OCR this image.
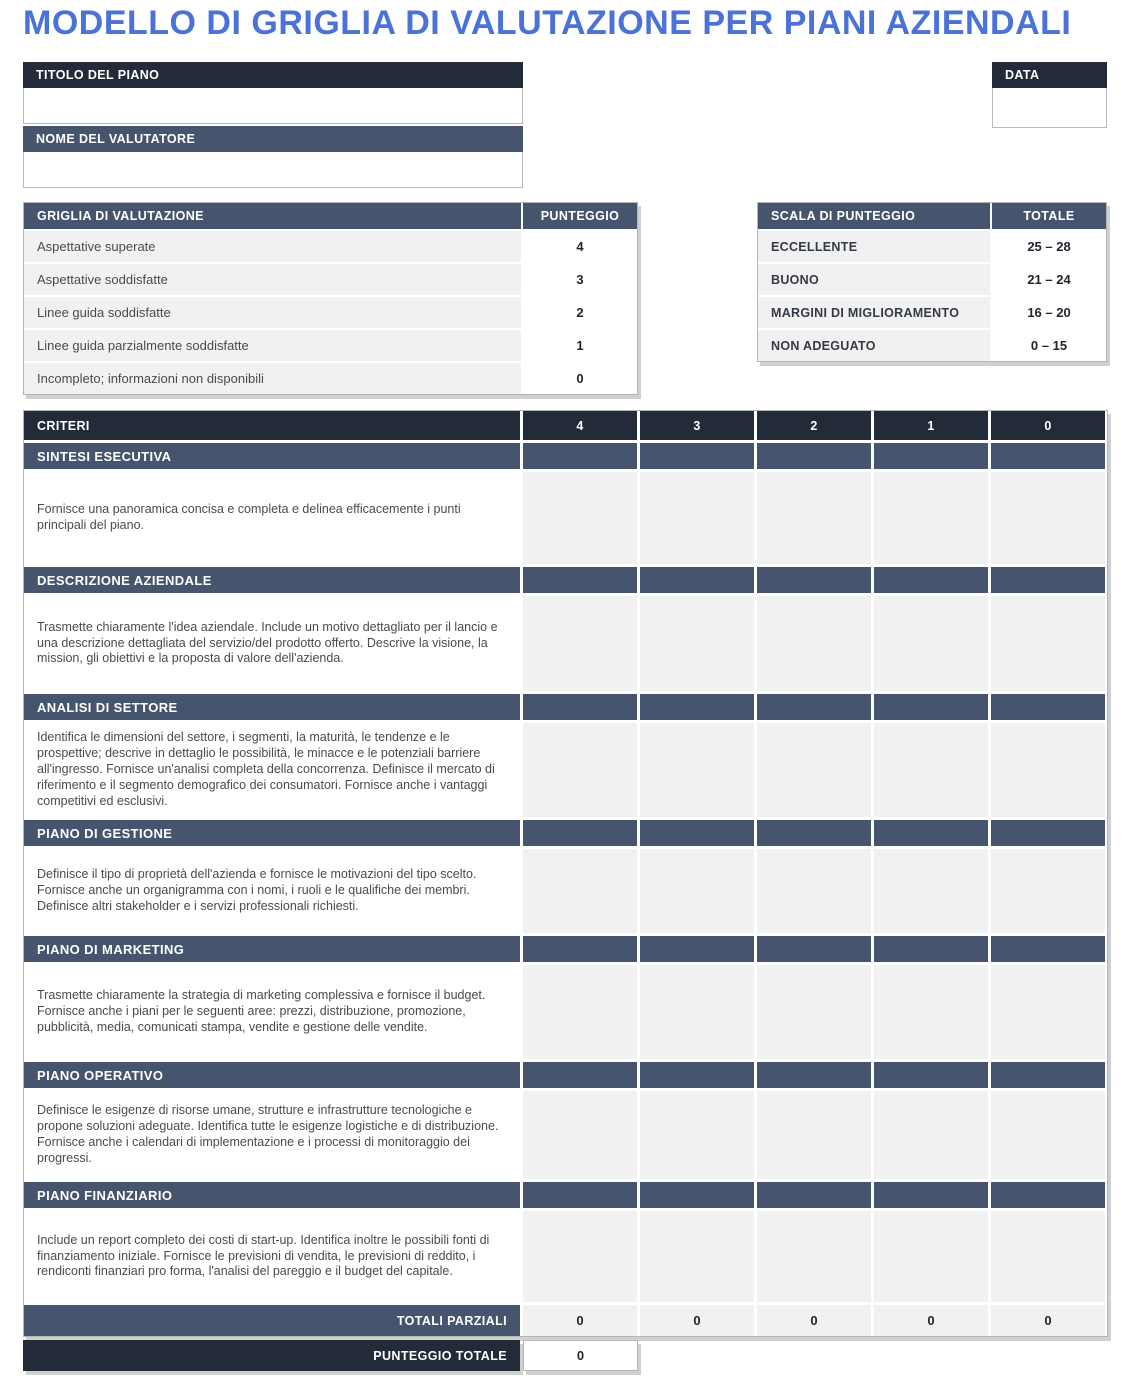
MODELLO DI GRIGLIA DI VALUTAZIONE PER PIANI AZIENDALI
TITOLO DEL PIANO	DATA
NOME DEL VALUTATORE
GRIGLIA DI VALUTAZIONE	PUNTEGGIO
Aspettative superate	4
Aspettative soddisfatte	3
Linee guida soddisfatte	2
Linee guida parzialmente soddisfatte	1
Incompleto; informazioni non disponibili	0
SCALA DI PUNTEGGIO	TOTALE
ECCELLENTE	25 – 28
BUONO	21 – 24
MARGINI DI MIGLIORAMENTO	16 – 20
NON ADEGUATO	0 – 15
CRITERI	4	3	2	1	0
SINTESI ESECUTIVA
Fornisce una panoramica concisa e completa e delinea efficacemente i punti principali del piano.
DESCRIZIONE AZIENDALE
Trasmette chiaramente l'idea aziendale. Include un motivo dettagliato per il lancio e una descrizione dettagliata del servizio/del prodotto offerto. Descrive la visione, la mission, gli obiettivi e la proposta di valore dell'azienda.
ANALISI DI SETTORE
Identifica le dimensioni del settore, i segmenti, la maturità, le tendenze e le prospettive; descrive in dettaglio le possibilità, le minacce e le potenziali barriere all'ingresso. Fornisce un'analisi completa della concorrenza. Definisce il mercato di riferimento e il segmento demografico dei consumatori. Fornisce anche i vantaggi competitivi ed esclusivi.
PIANO DI GESTIONE
Definisce il tipo di proprietà dell'azienda e fornisce le motivazioni del tipo scelto. Fornisce anche un organigramma con i nomi, i ruoli e le qualifiche dei membri. Definisce altri stakeholder e i servizi professionali richiesti.
PIANO DI MARKETING
Trasmette chiaramente la strategia di marketing complessiva e fornisce il budget. Fornisce anche i piani per le seguenti aree: prezzi, distribuzione, promozione, pubblicità, media, comunicati stampa, vendite e gestione delle vendite.
PIANO OPERATIVO
Definisce le esigenze di risorse umane, strutture e infrastrutture tecnologiche e propone soluzioni adeguate. Identifica tutte le esigenze logistiche e di distribuzione. Fornisce anche i calendari di implementazione e i processi di monitoraggio dei progressi.
PIANO FINANZIARIO
Include un report completo dei costi di start-up. Identifica inoltre le possibili fonti di finanziamento iniziale. Fornisce le previsioni di vendita, le previsioni di reddito, i rendiconti finanziari pro forma, l'analisi del pareggio e il budget del capitale.
TOTALI PARZIALI	0	0	0	0	0
PUNTEGGIO TOTALE	0
